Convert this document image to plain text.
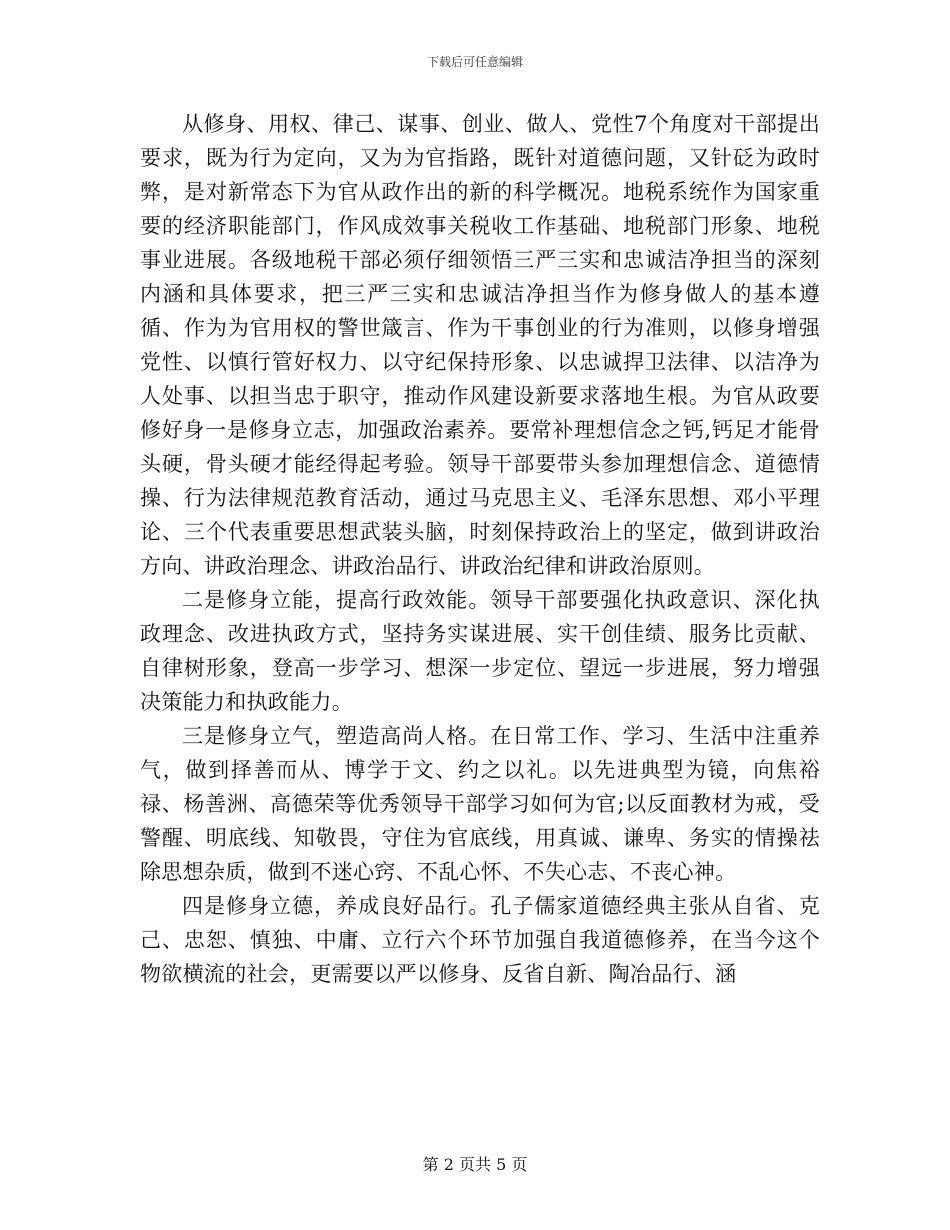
下载后可任意编辑

从修身、用权、律己、谋事、创业、做人、党性7个角度对干部提出要求，既为行为定向，又为为官指路，既针对道德问题，又针砭为政时弊，是对新常态下为官从政作出的新的科学概况。地税系统作为国家重要的经济职能部门，作风成效事关税收工作基础、地税部门形象、地税事业进展。各级地税干部必须仔细领悟三严三实和忠诚洁净担当的深刻内涵和具体要求，把三严三实和忠诚洁净担当作为修身做人的基本遵循、作为为官用权的警世箴言、作为干事创业的行为准则，以修身增强党性、以慎行管好权力、以守纪保持形象、以忠诚捍卫法律、以洁净为人处事、以担当忠于职守，推动作风建设新要求落地生根。为官从政要修好身一是修身立志，加强政治素养。要常补理想信念之钙,钙足才能骨头硬，骨头硬才能经得起考验。领导干部要带头参加理想信念、道德情操、行为法律规范教育活动，通过马克思主义、毛泽东思想、邓小平理论、三个代表重要思想武装头脑，时刻保持政治上的坚定，做到讲政治方向、讲政治理念、讲政治品行、讲政治纪律和讲政治原则。

二是修身立能，提高行政效能。领导干部要强化执政意识、深化执政理念、改进执政方式，坚持务实谋进展、实干创佳绩、服务比贡献、自律树形象，登高一步学习、想深一步定位、望远一步进展，努力增强决策能力和执政能力。

三是修身立气，塑造高尚人格。在日常工作、学习、生活中注重养气，做到择善而从、博学于文、约之以礼。以先进典型为镜，向焦裕禄、杨善洲、高德荣等优秀领导干部学习如何为官;以反面教材为戒，受警醒、明底线、知敬畏，守住为官底线，用真诚、谦卑、务实的情操祛除思想杂质，做到不迷心窍、不乱心怀、不失心志、不丧心神。

四是修身立德，养成良好品行。孔子儒家道德经典主张从自省、克己、忠恕、慎独、中庸、立行六个环节加强自我道德修养，在当今这个物欲横流的社会，更需要以严以修身、反省自新、陶冶品行、涵

第 2 页共 5 页
